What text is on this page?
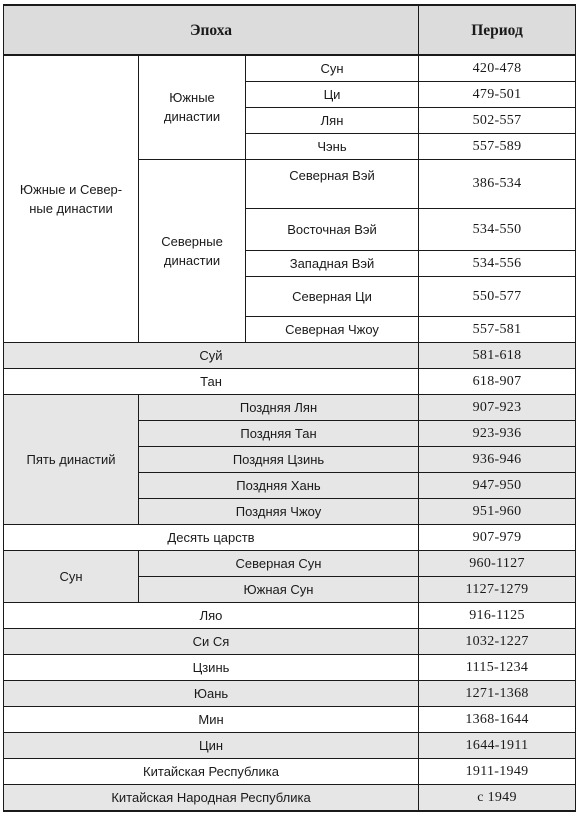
Эпоха			Период
Южные и Север-ные династии	Южные династии	Сун	420-478
		Ци	479-501
		Лян	502-557
		Чэнь	557-589
	Северные династии	Северная Вэй	386-534
		Восточная Вэй	534-550
		Западная Вэй	534-556
		Северная Ци	550-577
		Северная Чжоу	557-581
Суй			581-618
Тан			618-907
Пять династий	Поздняя Лян		907-923
	Поздняя Тан		923-936
	Поздняя Цзинь		936-946
	Поздняя Хань		947-950
	Поздняя Чжоу		951-960
Десять царств			907-979
Сун	Северная Сун		960-1127
	Южная Сун		1127-1279
Ляо			916-1125
Си Ся			1032-1227
Цзинь			1115-1234
Юань			1271-1368
Мин			1368-1644
Цин			1644-1911
Китайская Республика			1911-1949
Китайская Народная Республика			с 1949
